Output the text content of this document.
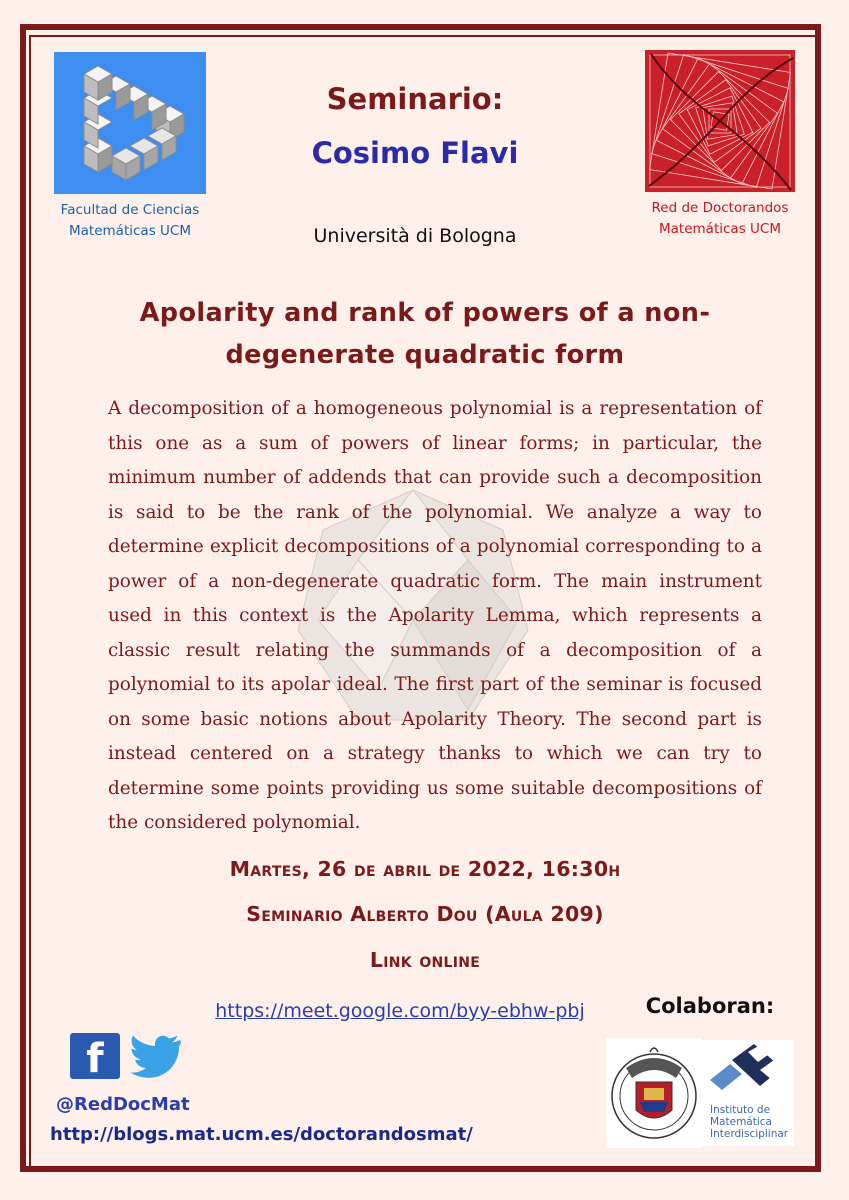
Facultad de Ciencias
Matemáticas UCM
Red de Doctorandos
Matemáticas UCM
Seminario:
Cosimo Flavi
Università di Bologna
Apolarity and rank of powers of a non-degenerate quadratic form

A decomposition of a homogeneous polynomial is a representation of this one as a sum of powers of linear forms; in particular, the minimum number of addends that can provide such a decomposition is said to be the rank of the polynomial. We analyze a way to determine explicit decompositions of a polynomial corresponding to a power of a non-degenerate quadratic form. The main instrument used in this context is the Apolarity Lemma, which represents a classic result relating the summands of a decomposition of a polynomial to its apolar ideal. The first part of the seminar is focused on some basic notions about Apolarity Theory. The second part is instead centered on a strategy thanks to which we can try to determine some points providing us some suitable decompositions of the considered polynomial.

Martes, 26 de abril de 2022, 16:30h
Seminario Alberto Dou (Aula 209)
Link online
https://meet.google.com/byy-ebhw-pbj	Colaboran:
f
@RedDocMat
http://blogs.mat.ucm.es/doctorandosmat/
Instituto de
Matemática
Interdisciplinar
